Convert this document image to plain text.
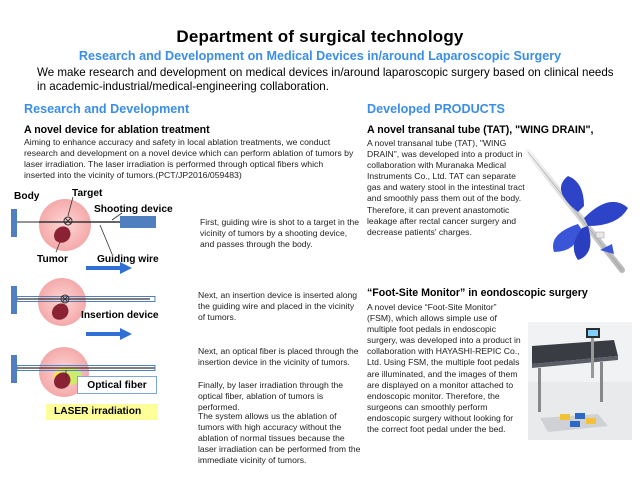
Department of surgical technology
Research and Development on Medical Devices in/around Laparoscopic Surgery
We make research and development on medical devices in/around laparoscopic surgery based on clinical needs in academic-industrial/medical-engineering collaboration.
Research and Development
A novel device for ablation treatment
Aiming to enhance accuracy and safety in local ablation treatments, we conduct research and development on a novel device which can perform ablation of tumors by laser irradiation. The laser irradiation is performed through optical fibers which inserted into the vicinity of tumors.(PCT/JP2016/059483)
Body	Target
Shooting device
Tumor	Guiding wire
Insertion device
Optical fiber
LASER irradiation
First, guiding wire is shot to a target in the vicinity of tumors by a shooting device, and passes through the body.
Next, an insertion device is inserted along the guiding wire and placed in the vicinity of tumors.
Next, an optical fiber is placed through the insertion device in the vicinity of tumors.
Finally, by laser irradiation through the optical fiber, ablation of tumors is performed.
The system allows us the ablation of tumors with high accuracy without the ablation of normal tissues because the laser irradiation can be performed from the immediate vicinity of tumors.
Developed PRODUCTS
A novel transanal tube (TAT), "WING DRAIN",
A novel transanal tube (TAT), "WING DRAIN", was developed into a product in collaboration with Muranaka Medical Instruments Co., Ltd. TAT can separate gas and watery stool in the intestinal tract and smoothly pass them out of the body. Therefore, it can prevent anastomotic leakage after rectal cancer surgery and decrease patients' charges.
“Foot-Site Monitor” in eondoscopic surgery
A novel device “Foot-Site Monitor” (FSM), which allows simple use of multiple foot pedals in endoscopic surgery, was developed into a product in collaboration with HAYASHI-REPIC Co., Ltd. Using FSM, the multiple foot pedals are illuminated, and the images of them are displayed on a monitor attached to endoscopic monitor. Therefore, the surgeons can smoothly perform endoscopic surgery without looking for the correct foot pedal under the bed.
